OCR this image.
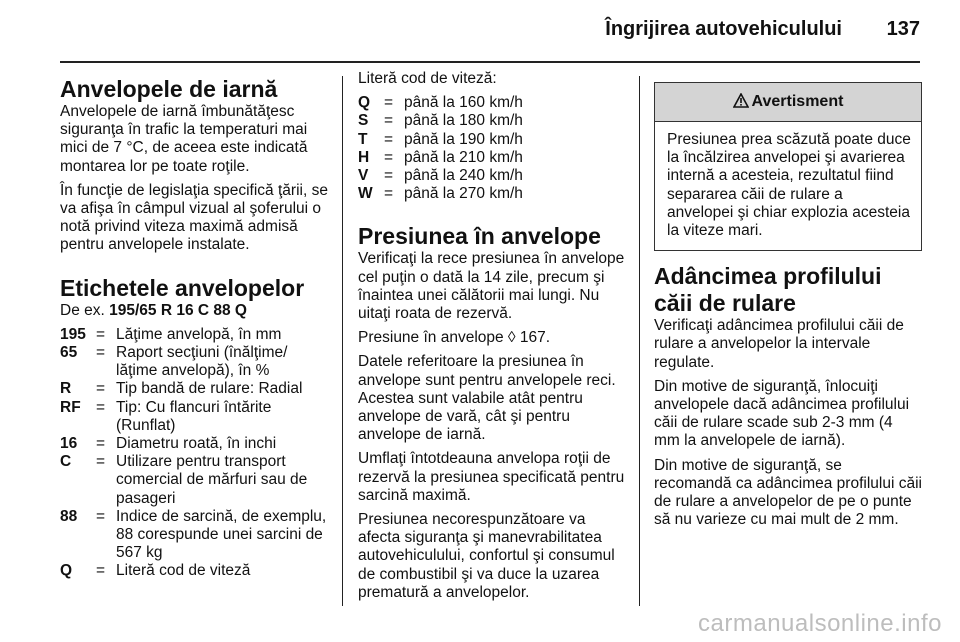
Îngrijirea autovehiculului 137
Anvelopele de iarnă

Anvelopele de iarnă îmbunătăţesc siguranţa în trafic la temperaturi mai mici de 7 °C, de aceea este indicată montarea lor pe toate roţile.

În funcţie de legislaţia specifică ţării, se va afişa în câmpul vizual al şoferului o notă privind viteza maximă admisă pentru anvelopele instalate.

Etichetele anvelopelor

De ex. 195/65 R 16 C 88 Q

195 = Lăţime anvelopă, în mm
65	= Raport secţiuni (înălţime/ lăţime anvelopă), în %
R	= Tip bandă de rulare: Radial
RF = Tip: Cu flancuri întărite (Runflat)
16	= Diametru roată, în inchi
C	= Utilizare pentru transport comercial de mărfuri sau de pasageri
88	= Indice de sarcină, de exemplu, 88 corespunde unei sarcini de 567 kg
Q	= Literă cod de viteză

Literă cod de viteză:

Q = până la 160 km/h
S	= până la 180 km/h
T	= până la 190 km/h
H = până la 210 km/h
V	= până la 240 km/h
W = până la 270 km/h
Presiunea în anvelope

Verificaţi la rece presiunea în anvelope cel puţin o dată la 14 zile, precum şi înaintea unei călătorii mai lungi. Nu uitaţi roata de rezervă.

Presiune în anvelope ◊ 167.

Datele referitoare la presiunea în anvelope sunt pentru anvelopele reci. Acestea sunt valabile atât pentru anvelope de vară, cât şi pentru anvelope de iarnă.

Umflaţi întotdeauna anvelopa roţii de rezervă la presiunea specificată pentru sarcină maximă.

Presiunea necorespunzătoare va afecta siguranţa şi manevrabilitatea autovehiculului, confortul şi consumul de combustibil şi va duce la uzarea prematură a anvelopelor.

Avertisment
Presiunea prea scăzută poate duce la încălzirea anvelopei şi avarierea internă a acesteia, rezultatul fiind separarea căii de rulare a anvelopei şi chiar explozia acesteia la viteze mari.
Adâncimea profilului căii de rulare

Verificaţi adâncimea profilului căii de rulare a anvelopelor la intervale regulate.

Din motive de siguranţă, înlocuiţi anvelopele dacă adâncimea profilului căii de rulare scade sub 2-3 mm (4 mm la anvelopele de iarnă).

Din motive de siguranţă, se recomandă ca adâncimea profilului căii de rulare a anvelopelor de pe o punte să nu varieze cu mai mult de 2 mm.

carmanualsonline.info
